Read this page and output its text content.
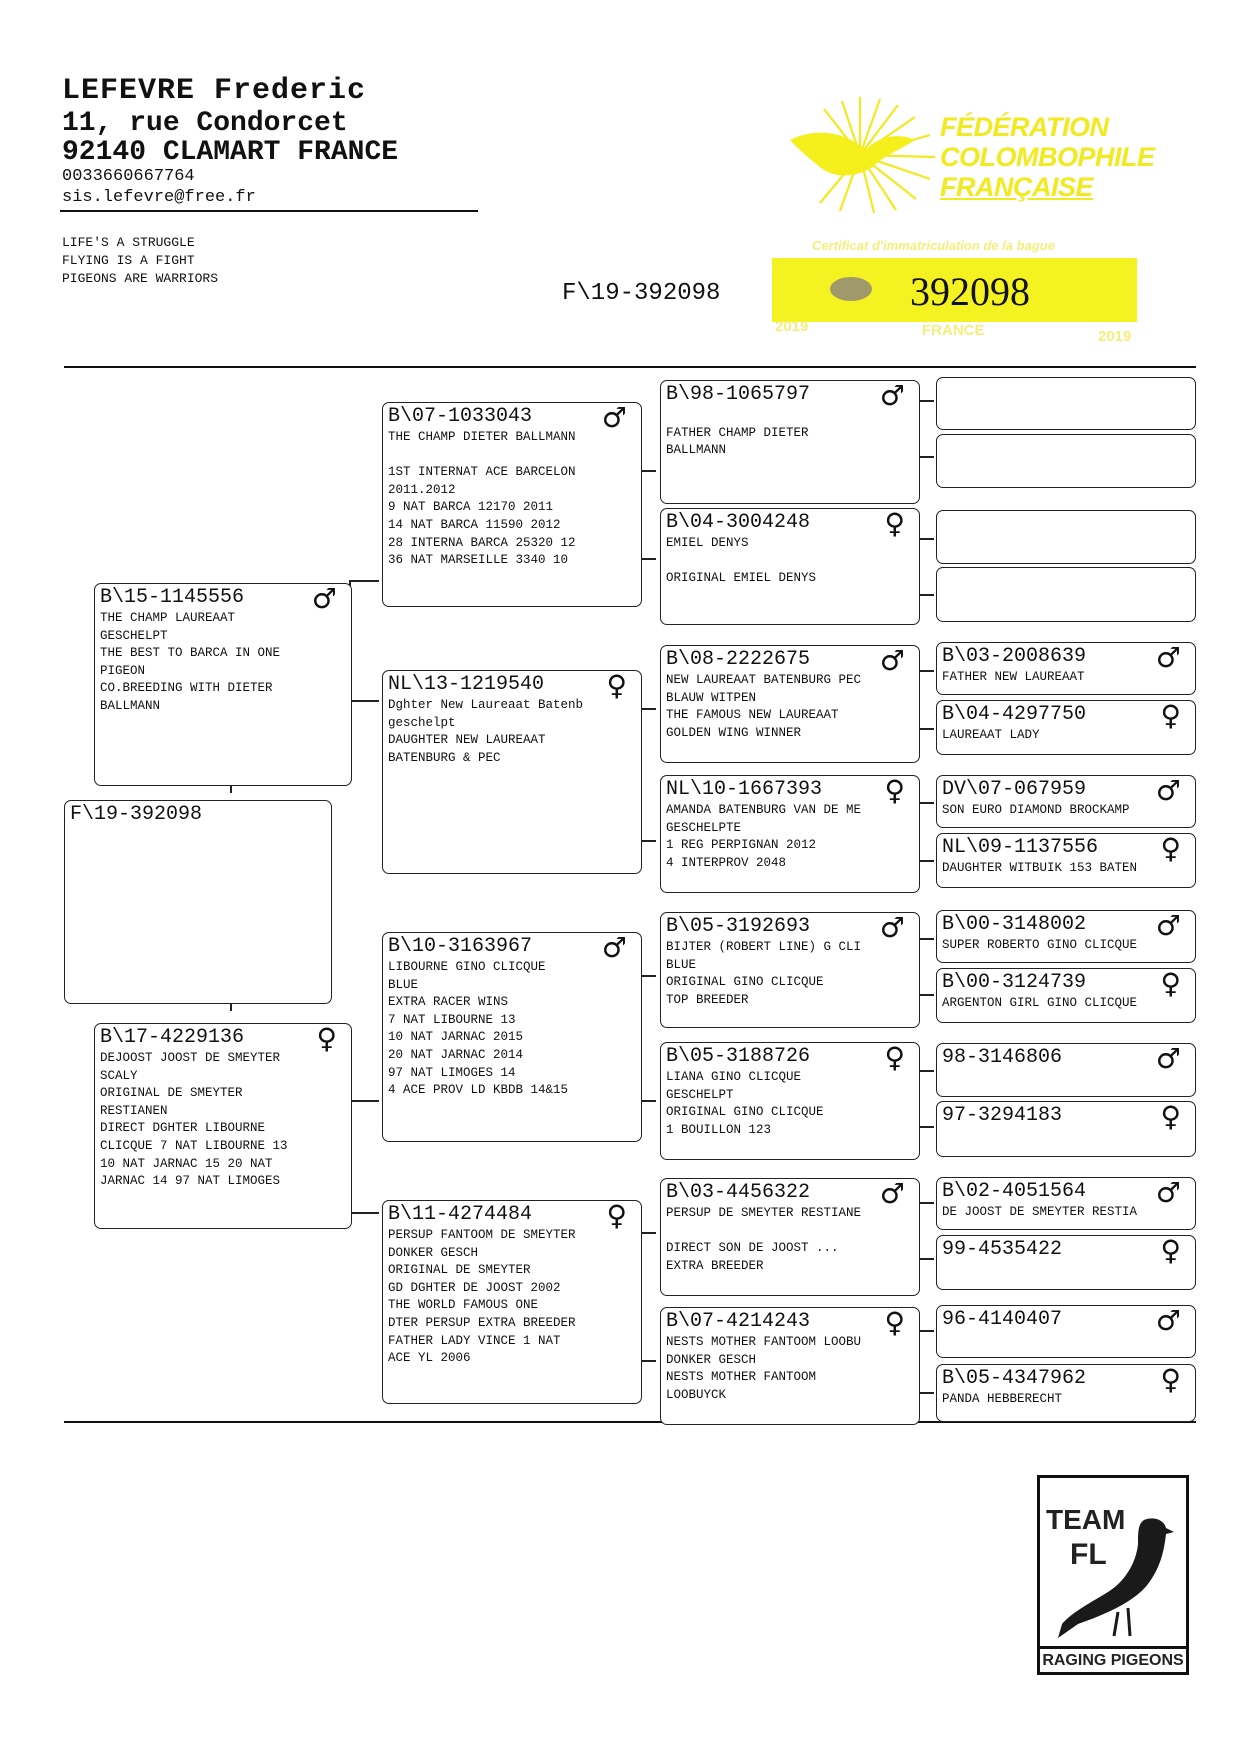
LEFEVRE Frederic
11, rue Condorcet
92140 CLAMART FRANCE
0033660667764
sis.lefevre@free.fr
LIFE'S A STRUGGLE
FLYING IS A FIGHT
PIGEONS ARE WARRIORS
F\19-392098
FÉDÉRATION
COLOMBOPHILE
FRANÇAISE
Certificat d'immatriculation de la bague
392098
2019	FRANCE	2019
F\19-392098
B\15-1145556	♂
THE CHAMP LAUREAAT
GESCHELPT
THE BEST TO BARCA IN ONE
PIGEON
CO.BREEDING WITH DIETER
BALLMANN
B\17-4229136	♀
DEJOOST JOOST DE SMEYTER
SCALY
ORIGINAL DE SMEYTER
RESTIANEN
DIRECT DGHTER LIBOURNE
CLICQUE 7 NAT LIBOURNE 13
10 NAT JARNAC 15 20 NAT
JARNAC 14 97 NAT LIMOGES
B\07-1033043	♂
THE CHAMP DIETER BALLMANN
1ST INTERNAT ACE BARCELON
2011.2012
9 NAT BARCA 12170 2011
14 NAT BARCA 11590 2012
28 INTERNA BARCA 25320 12
36 NAT MARSEILLE 3340 10
NL\13-1219540	♀
Dghter New Laureaat Batenb
geschelpt
DAUGHTER NEW LAUREAAT
BATENBURG & PEC
B\10-3163967	♂
LIBOURNE GINO CLICQUE
BLUE
EXTRA RACER WINS
7 NAT LIBOURNE 13
10 NAT JARNAC 2015
20 NAT JARNAC 2014
97 NAT LIMOGES 14
4 ACE PROV LD KBDB 14&15
B\11-4274484	♀
PERSUP FANTOOM DE SMEYTER
DONKER GESCH
ORIGINAL DE SMEYTER
GD DGHTER DE JOOST 2002
THE WORLD FAMOUS ONE
DTER PERSUP EXTRA BREEDER
FATHER LADY VINCE 1 NAT
ACE YL 2006
B\98-1065797	♂
FATHER CHAMP DIETER
BALLMANN
B\04-3004248	♀
EMIEL DENYS
ORIGINAL EMIEL DENYS
B\08-2222675	♂
NEW LAUREAAT BATENBURG PEC
BLAUW WITPEN
THE FAMOUS NEW LAUREAAT
GOLDEN WING WINNER
NL\10-1667393	♀
AMANDA BATENBURG VAN DE ME
GESCHELPTE
1 REG PERPIGNAN 2012
4 INTERPROV 2048
B\05-3192693	♂
BIJTER (ROBERT LINE) G CLI
BLUE
ORIGINAL GINO CLICQUE
TOP BREEDER
B\05-3188726	♀
LIANA GINO CLICQUE
GESCHELPT
ORIGINAL GINO CLICQUE
1 BOUILLON 123
B\03-4456322	♂
PERSUP DE SMEYTER RESTIANE
DIRECT SON DE JOOST ...
EXTRA BREEDER
B\07-4214243	♀
NESTS MOTHER FANTOOM LOOBU
DONKER GESCH
NESTS MOTHER FANTOOM
LOOBUYCK
B\03-2008639	♂
FATHER NEW LAUREAAT
B\04-4297750	♀
LAUREAAT LADY
DV\07-067959	♂
SON EURO DIAMOND BROCKAMP
NL\09-1137556	♀
DAUGHTER WITBUIK 153 BATEN
B\00-3148002	♂
SUPER ROBERTO GINO CLICQUE
B\00-3124739	♀
ARGENTON GIRL GINO CLICQUE
98-3146806	♂
97-3294183	♀
B\02-4051564	♂
DE JOOST DE SMEYTER RESTIA
99-4535422	♀
96-4140407	♂
B\05-4347962	♀
PANDA HEBBERECHT
TEAM
FL
RAGING PIGEONS
